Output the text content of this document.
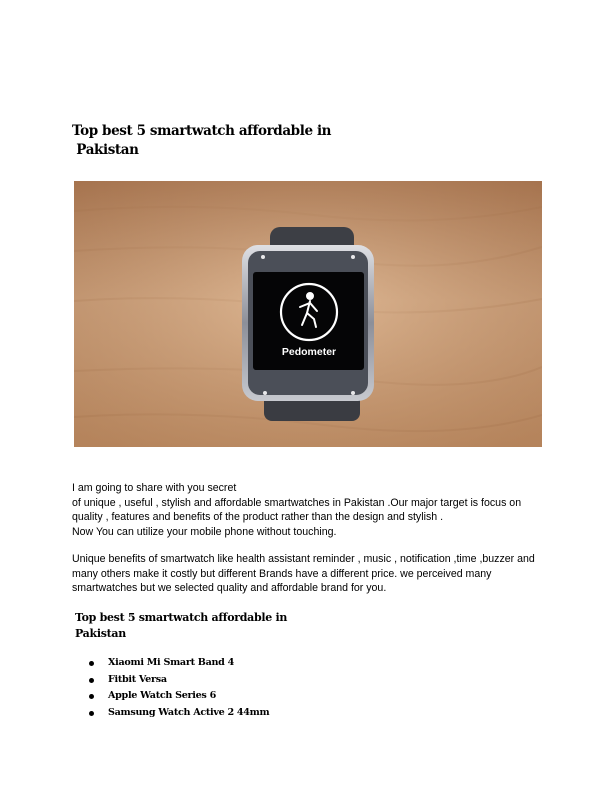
Top best 5 smartwatch affordable in
Pakistan
Pedometer

I am going to share with you secret
of unique , useful , stylish and affordable smartwatches in Pakistan .Our major target is focus on quality , features and benefits of the product rather than the design and stylish .
Now You can utilize your mobile phone without touching.

Unique benefits of smartwatch like health assistant reminder , music , notification ,time ,buzzer and many others make it costly but different Brands have a different price. we perceived many smartwatches but we selected quality and affordable brand for you.

Top best 5 smartwatch affordable in
Pakistan
Xiaomi Mi Smart Band 4
Fitbit Versa
Apple Watch Series 6
Samsung Watch Active 2 44mm
